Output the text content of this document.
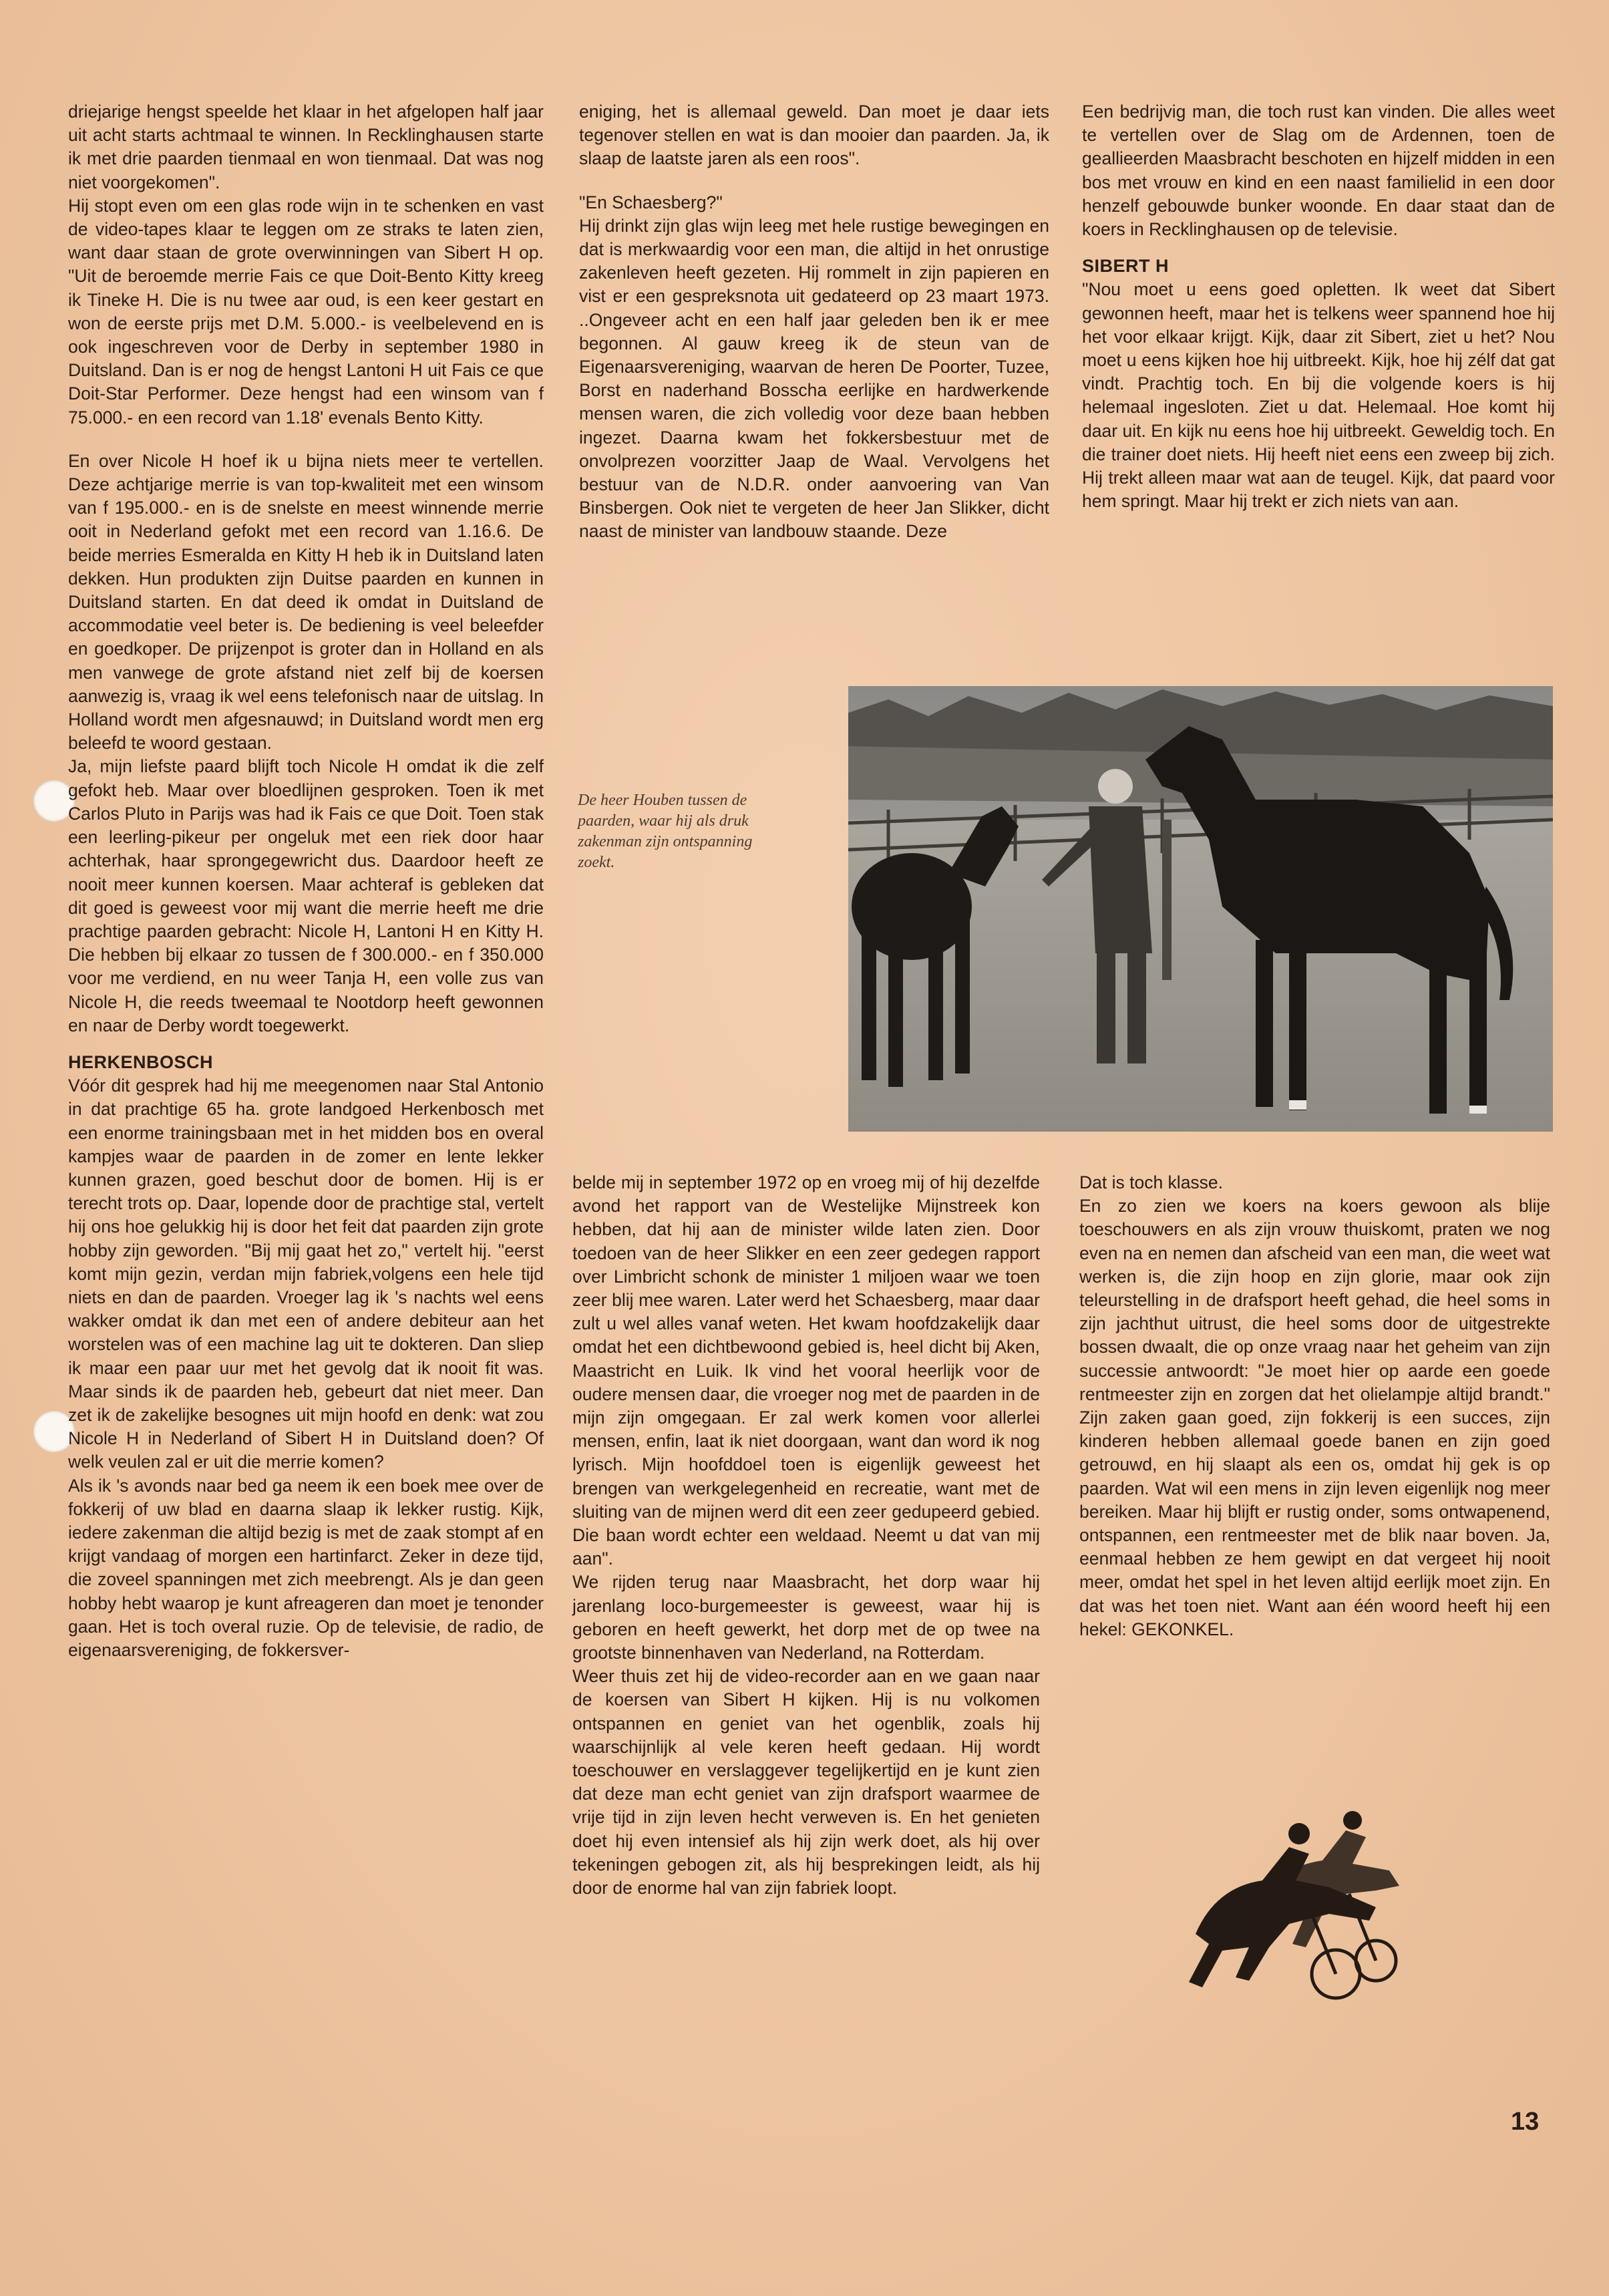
driejarige hengst speelde het klaar in het afgelopen half jaar uit acht starts achtmaal te winnen. In Recklinghausen starte ik met drie paarden tienmaal en won tienmaal. Dat was nog niet voorgekomen".

Hij stopt even om een glas rode wijn in te schenken en vast de video-tapes klaar te leggen om ze straks te laten zien, want daar staan de grote overwinningen van Sibert H op. "Uit de beroemde merrie Fais ce que Doit-Bento Kitty kreeg ik Tineke H. Die is nu twee aar oud, is een keer gestart en won de eerste prijs met D.M. 5.000.- is veelbelevend en is ook ingeschreven voor de Derby in september 1980 in Duitsland. Dan is er nog de hengst Lantoni H uit Fais ce que Doit-Star Performer. Deze hengst had een winsom van f 75.000.- en een record van 1.18' evenals Bento Kitty.

En over Nicole H hoef ik u bijna niets meer te vertellen. Deze achtjarige merrie is van top-kwaliteit met een winsom van f 195.000.- en is de snelste en meest winnende merrie ooit in Nederland gefokt met een record van 1.16.6. De beide merries Esmeralda en Kitty H heb ik in Duitsland laten dekken. Hun produkten zijn Duitse paarden en kunnen in Duitsland starten. En dat deed ik omdat in Duitsland de accommodatie veel beter is. De bediening is veel beleefder en goedkoper. De prijzenpot is groter dan in Holland en als men vanwege de grote afstand niet zelf bij de koersen aanwezig is, vraag ik wel eens telefonisch naar de uitslag. In Holland wordt men afgesnauwd; in Duitsland wordt men erg beleefd te woord gestaan.

Ja, mijn liefste paard blijft toch Nicole H omdat ik die zelf gefokt heb. Maar over bloedlijnen gesproken. Toen ik met Carlos Pluto in Parijs was had ik Fais ce que Doit. Toen stak een leerling-pikeur per ongeluk met een riek door haar achterhak, haar sprongegewricht dus. Daardoor heeft ze nooit meer kunnen koersen. Maar achteraf is gebleken dat dit goed is geweest voor mij want die merrie heeft me drie prachtige paarden gebracht: Nicole H, Lantoni H en Kitty H. Die hebben bij elkaar zo tussen de f 300.000.- en f 350.000 voor me verdiend, en nu weer Tanja H, een volle zus van Nicole H, die reeds tweemaal te Nootdorp heeft gewonnen en naar de Derby wordt toegewerkt.

HERKENBOSCH

Vóór dit gesprek had hij me meegenomen naar Stal Antonio in dat prachtige 65 ha. grote landgoed Herkenbosch met een enorme trainingsbaan met in het midden bos en overal kampjes waar de paarden in de zomer en lente lekker kunnen grazen, goed beschut door de bomen. Hij is er terecht trots op. Daar, lopende door de prachtige stal, vertelt hij ons hoe gelukkig hij is door het feit dat paarden zijn grote hobby zijn geworden. "Bij mij gaat het zo," vertelt hij. "eerst komt mijn gezin, verdan mijn fabriek,volgens een hele tijd niets en dan de paarden. Vroeger lag ik 's nachts wel eens wakker omdat ik dan met een of andere debiteur aan het worstelen was of een machine lag uit te dokteren. Dan sliep ik maar een paar uur met het gevolg dat ik nooit fit was. Maar sinds ik de paarden heb, gebeurt dat niet meer. Dan zet ik de zakelijke besognes uit mijn hoofd en denk: wat zou Nicole H in Nederland of Sibert H in Duitsland doen? Of welk veulen zal er uit die merrie komen?

Als ik 's avonds naar bed ga neem ik een boek mee over de fokkerij of uw blad en daarna slaap ik lekker rustig. Kijk, iedere zakenman die altijd bezig is met de zaak stompt af en krijgt vandaag of morgen een hartinfarct. Zeker in deze tijd, die zoveel spanningen met zich meebrengt. Als je dan geen hobby hebt waarop je kunt afreageren dan moet je tenonder gaan. Het is toch overal ruzie. Op de televisie, de radio, de eigenaarsvereniging, de fokkersver-

eniging, het is allemaal geweld. Dan moet je daar iets tegenover stellen en wat is dan mooier dan paarden. Ja, ik slaap de laatste jaren als een roos".

"En Schaesberg?"

Hij drinkt zijn glas wijn leeg met hele rustige bewegingen en dat is merkwaardig voor een man, die altijd in het onrustige zakenleven heeft gezeten. Hij rommelt in zijn papieren en vist er een gespreksnota uit gedateerd op 23 maart 1973. ..Ongeveer acht en een half jaar geleden ben ik er mee begonnen. Al gauw kreeg ik de steun van de Eigenaarsvereniging, waarvan de heren De Poorter, Tuzee, Borst en naderhand Bosscha eerlijke en hardwerkende mensen waren, die zich volledig voor deze baan hebben ingezet. Daarna kwam het fokkersbestuur met de onvolprezen voorzitter Jaap de Waal. Vervolgens het bestuur van de N.D.R. onder aanvoering van Van Binsbergen. Ook niet te vergeten de heer Jan Slikker, dicht naast de minister van landbouw staande. Deze

Een bedrijvig man, die toch rust kan vinden. Die alles weet te vertellen over de Slag om de Ardennen, toen de geallieerden Maasbracht beschoten en hijzelf midden in een bos met vrouw en kind en een naast familielid in een door henzelf gebouwde bunker woonde. En daar staat dan de koers in Recklinghausen op de televisie.

SIBERT H

"Nou moet u eens goed opletten. Ik weet dat Sibert gewonnen heeft, maar het is telkens weer spannend hoe hij het voor elkaar krijgt. Kijk, daar zit Sibert, ziet u het? Nou moet u eens kijken hoe hij uitbreekt. Kijk, hoe hij zélf dat gat vindt. Prachtig toch. En bij die volgende koers is hij helemaal ingesloten. Ziet u dat. Helemaal. Hoe komt hij daar uit. En kijk nu eens hoe hij uitbreekt. Geweldig toch. En die trainer doet niets. Hij heeft niet eens een zweep bij zich. Hij trekt alleen maar wat aan de teugel. Kijk, dat paard voor hem springt. Maar hij trekt er zich niets van aan.

De heer Houben tussen de paarden, waar hij als druk zakenman zijn ontspanning zoekt.

belde mij in september 1972 op en vroeg mij of hij dezelfde avond het rapport van de Westelijke Mijnstreek kon hebben, dat hij aan de minister wilde laten zien. Door toedoen van de heer Slikker en een zeer gedegen rapport over Limbricht schonk de minister 1 miljoen waar we toen zeer blij mee waren. Later werd het Schaesberg, maar daar zult u wel alles vanaf weten. Het kwam hoofdzakelijk daar omdat het een dichtbewoond gebied is, heel dicht bij Aken, Maastricht en Luik. Ik vind het vooral heerlijk voor de oudere mensen daar, die vroeger nog met de paarden in de mijn zijn omgegaan. Er zal werk komen voor allerlei mensen, enfin, laat ik niet doorgaan, want dan word ik nog lyrisch. Mijn hoofddoel toen is eigenlijk geweest het brengen van werkgelegenheid en recreatie, want met de sluiting van de mijnen werd dit een zeer gedupeerd gebied. Die baan wordt echter een weldaad. Neemt u dat van mij aan".

We rijden terug naar Maasbracht, het dorp waar hij jarenlang loco-burgemeester is geweest, waar hij is geboren en heeft gewerkt, het dorp met de op twee na grootste binnenhaven van Nederland, na Rotterdam.

Weer thuis zet hij de video-recorder aan en we gaan naar de koersen van Sibert H kijken. Hij is nu volkomen ontspannen en geniet van het ogenblik, zoals hij waarschijnlijk al vele keren heeft gedaan. Hij wordt toeschouwer en verslaggever tegelijkertijd en je kunt zien dat deze man echt geniet van zijn drafsport waarmee de vrije tijd in zijn leven hecht verweven is. En het genieten doet hij even intensief als hij zijn werk doet, als hij over tekeningen gebogen zit, als hij besprekingen leidt, als hij door de enorme hal van zijn fabriek loopt.

Dat is toch klasse.

En zo zien we koers na koers gewoon als blije toeschouwers en als zijn vrouw thuiskomt, praten we nog even na en nemen dan afscheid van een man, die weet wat werken is, die zijn hoop en zijn glorie, maar ook zijn teleurstelling in de drafsport heeft gehad, die heel soms in zijn jachthut uitrust, die heel soms door de uitgestrekte bossen dwaalt, die op onze vraag naar het geheim van zijn successie antwoordt: "Je moet hier op aarde een goede rentmeester zijn en zorgen dat het olielampje altijd brandt." Zijn zaken gaan goed, zijn fokkerij is een succes, zijn kinderen hebben allemaal goede banen en zijn goed getrouwd, en hij slaapt als een os, omdat hij gek is op paarden. Wat wil een mens in zijn leven eigenlijk nog meer bereiken. Maar hij blijft er rustig onder, soms ontwapenend, ontspannen, een rentmeester met de blik naar boven. Ja, eenmaal hebben ze hem gewipt en dat vergeet hij nooit meer, omdat het spel in het leven altijd eerlijk moet zijn. En dat was het toen niet. Want aan één woord heeft hij een hekel: GEKONKEL.

13
